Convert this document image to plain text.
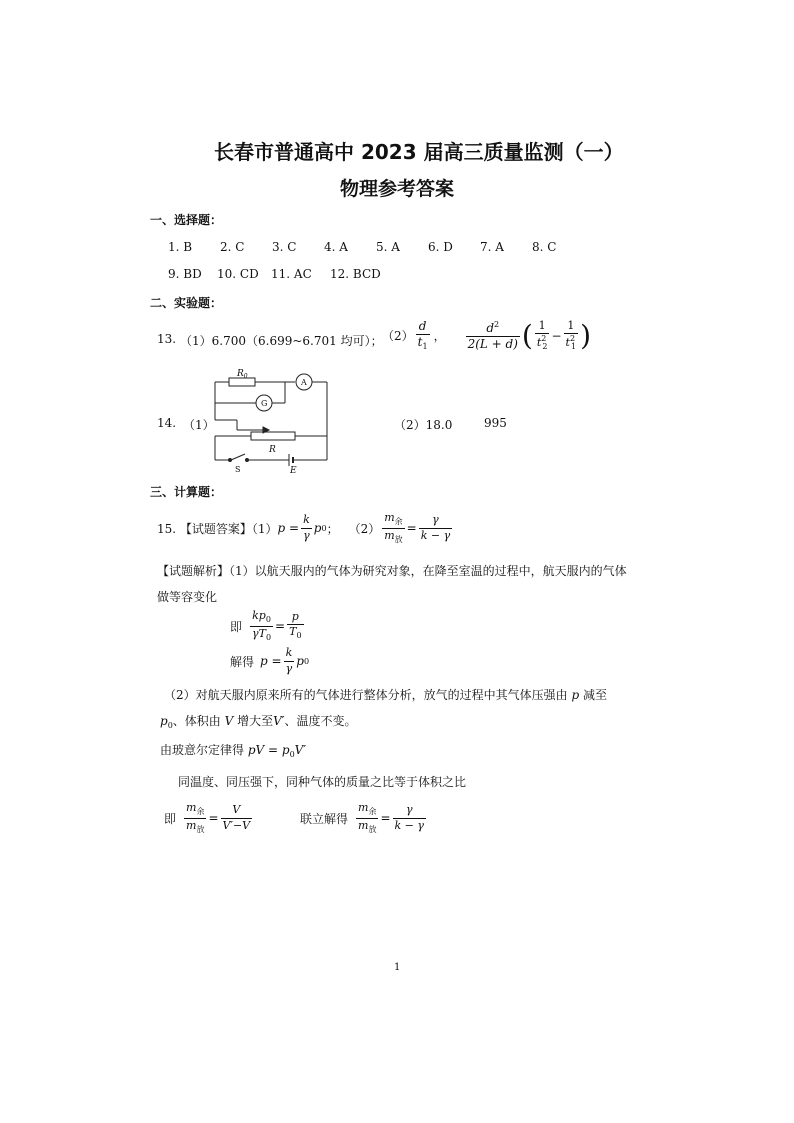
长春市普通高中 2023 届高三质量监测（一）
物理参考答案
一、选择题：
1. B 2. C 3. C 4. A 5. A 6. D 7. A 8. C
9. BD 10. CD 11. AC 12. BCD
二、实验题：
13. （1）6.700（6.699~6.701 均可）； $(2) \frac{d}{t_1}$ ， $\frac{d^2}{2(L + d)}$ ( $\frac{1}{t^2_2} - \frac{1}{t^2_1}$ )
14. （1）
$R_0$
A
G
R
S	E
（2）18.0	995
三、计算题：
15. 【试题答案】（1） $p = \frac{k}{\gamma}$ p 0 ； $(2) \frac{m_余}{m_放} = \frac{\gamma}{k - \gamma}$
【试题解析】（1）以航天服内的气体为研究对象，在降至室温的过程中，航天服内的气体
做等容变化
即 $\frac{kp_0}{\gamma T_0} = \frac{p}{T_0}$
解得 $p = \frac{k}{\gamma}$ p 0
（2）对航天服内原来所有的气体进行整体分析，放气的过程中其气体压强由 p 减至
$p_0$、体积由 V 增大至V′、温度不变。
由玻意尔定律得 pV = $p_0V'$
同温度、同压强下，同种气体的质量之比等于体积之比
即 $\frac{m_余}{m_放} = \frac{V}{V'-V}$	联立解得 $\frac{m_余}{m_放} = \frac{\gamma}{k - \gamma}$
1
